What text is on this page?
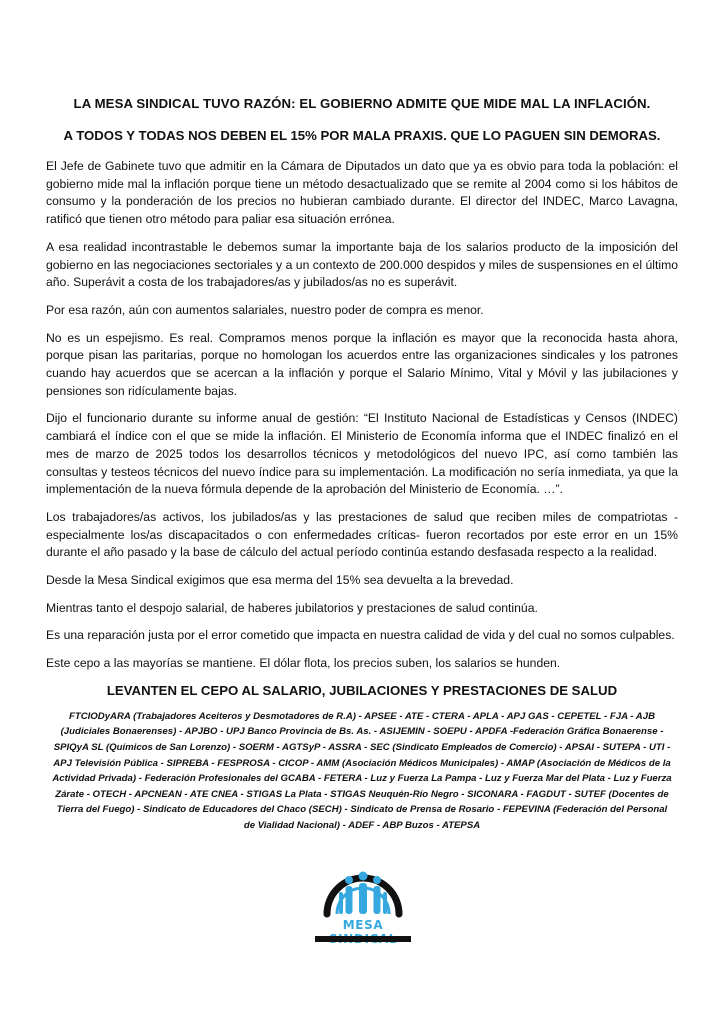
LA MESA SINDICAL TUVO RAZÓN: EL GOBIERNO ADMITE QUE MIDE MAL LA INFLACIÓN.
A TODOS Y TODAS NOS DEBEN EL 15% POR MALA PRAXIS. QUE LO PAGUEN SIN DEMORAS.

El Jefe de Gabinete tuvo que admitir en la Cámara de Diputados un dato que ya es obvio para toda la población: el gobierno mide mal la inflación porque tiene un método desactualizado que se remite al 2004 como si los hábitos de consumo y la ponderación de los precios no hubieran cambiado durante. El director del INDEC, Marco Lavagna, ratificó que tienen otro método para paliar esa situación errónea.

A esa realidad incontrastable le debemos sumar la importante baja de los salarios producto de la imposición del gobierno en las negociaciones sectoriales y a un contexto de 200.000 despidos y miles de suspensiones en el último año. Superávit a costa de los trabajadores/as y jubilados/as no es superávit.

Por esa razón, aún con aumentos salariales, nuestro poder de compra es menor.

No es un espejismo. Es real. Compramos menos porque la inflación es mayor que la reconocida hasta ahora, porque pisan las paritarias, porque no homologan los acuerdos entre las organizaciones sindicales y los patrones cuando hay acuerdos que se acercan a la inflación y porque el Salario Mínimo, Vital y Móvil y las jubilaciones y pensiones son ridículamente bajas.

Dijo el funcionario durante su informe anual de gestión: “El Instituto Nacional de Estadísticas y Censos (INDEC) cambiará el índice con el que se mide la inflación. El Ministerio de Economía informa que el INDEC finalizó en el mes de marzo de 2025 todos los desarrollos técnicos y metodológicos del nuevo IPC, así como también las consultas y testeos técnicos del nuevo índice para su implementación. La modificación no sería inmediata, ya que la implementación de la nueva fórmula depende de la aprobación del Ministerio de Economía. …”.

Los trabajadores/as activos, los jubilados/as y las prestaciones de salud que reciben miles de compatriotas - especialmente los/as discapacitados o con enfermedades críticas- fueron recortados por este error en un 15% durante el año pasado y la base de cálculo del actual período continúa estando desfasada respecto a la realidad.

Desde la Mesa Sindical exigimos que esa merma del 15% sea devuelta a la brevedad.

Mientras tanto el despojo salarial, de haberes jubilatorios y prestaciones de salud continúa.

Es una reparación justa por el error cometido que impacta en nuestra calidad de vida y del cual no somos culpables.

Este cepo a las mayorías se mantiene. El dólar flota, los precios suben, los salarios se hunden.

LEVANTEN EL CEPO AL SALARIO, JUBILACIONES Y PRESTACIONES DE SALUD
FTCIODyARA (Trabajadores Aceiteros y Desmotadores de R.A) - APSEE - ATE - CTERA - APLA - APJ GAS - CEPETEL - FJA - AJB (Judiciales Bonaerenses) - APJBO - UPJ Banco Provincia de Bs. As. - ASIJEMIN - SOEPU - APDFA -Federación Gráfica Bonaerense - SPIQyA SL (Químicos de San Lorenzo) - SOERM - AGTSyP - ASSRA - SEC (Sindicato Empleados de Comercio) - APSAI - SUTEPA - UTI - APJ Televisión Pública - SIPREBA - FESPROSA - CICOP - AMM (Asociación Médicos Municipales) - AMAP (Asociación de Médicos de la Actividad Privada) - Federación Profesionales del GCABA - FETERA - Luz y Fuerza La Pampa - Luz y Fuerza Mar del Plata - Luz y Fuerza Zárate - OTECH - APCNEAN - ATE CNEA - STIGAS La Plata - STIGAS Neuquén-Río Negro - SICONARA - FAGDUT - SUTEF (Docentes de Tierra del Fuego) - Sindicato de Educadores del Chaco (SECH) - Sindicato de Prensa de Rosario - FEPEVINA (Federación del Personal de Vialidad Nacional) - ADEF - ABP Buzos - ATEPSA
MESA
